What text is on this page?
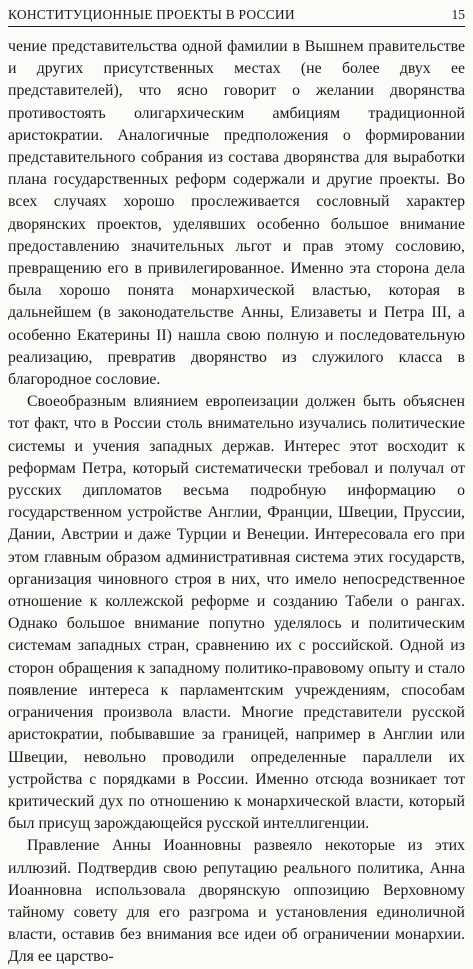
КОНСТИТУЦИОННЫЕ ПРОЕКТЫ В РОССИИ	15

чение представительства одной фамилии в Вышнем правительстве и других присутственных местах (не более двух ее представителей), что ясно говорит о желании дворянства противостоять олигархическим амбициям традиционной аристократии. Аналогичные предположения о формировании представительного собрания из состава дворянства для выработки плана государственных реформ содержали и другие проекты. Во всех случаях хорошо прослеживается сословный характер дворянских проектов, уделявших особенно большое внимание предоставлению значительных льгот и прав этому сословию, превращению его в привилегированное. Именно эта сторона дела была хорошо понята монархической властью, которая в дальнейшем (в законодательстве Анны, Елизаветы и Петра III, а особенно Екатерины II) нашла свою полную и последовательную реализацию, превратив дворянство из служилого класса в благородное сословие.

Своеобразным влиянием европеизации должен быть объяснен тот факт, что в России столь внимательно изучались политические системы и учения западных держав. Интерес этот восходит к реформам Петра, который систематически требовал и получал от русских дипломатов весьма подробную информацию о государственном устройстве Англии, Франции, Швеции, Пруссии, Дании, Австрии и даже Турции и Венеции. Интересовала его при этом главным образом административная система этих государств, организация чиновного строя в них, что имело непосредственное отношение к коллежской реформе и созданию Табели о рангах. Однако большое внимание попутно уделялось и политическим системам западных стран, сравнению их с российской. Одной из сторон обращения к западному политико-правовому опыту и стало появление интереса к парламентским учреждениям, способам ограничения произвола власти. Многие представители русской аристократии, побывавшие за границей, например в Англии или Швеции, невольно проводили определенные параллели их устройства с порядками в России. Именно отсюда возникает тот критический дух по отношению к монархической власти, который был присущ зарождающейся русской интеллигенции.

Правление Анны Иоанновны развеяло некоторые из этих иллюзий. Подтвердив свою репутацию реального политика, Анна Иоанновна использовала дворянскую оппозицию Верховному тайному совету для его разгрома и установления единоличной власти, оставив без внимания все идеи об ограничении монархии. Для ее царство-
